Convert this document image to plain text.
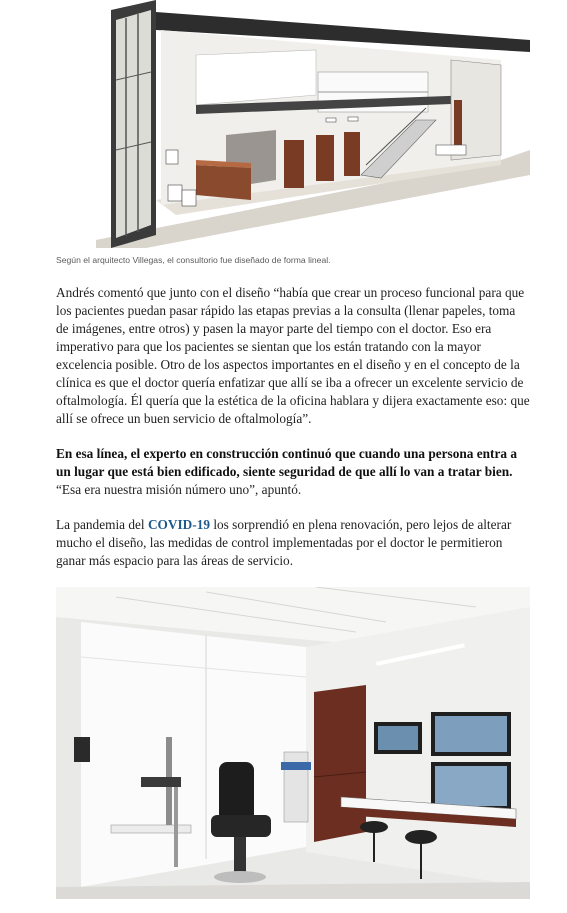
Según el arquitecto Villegas, el consultorio fue diseñado de forma lineal.

Andrés comentó que junto con el diseño “había que crear un proceso funcional para que los pacientes puedan pasar rápido las etapas previas a la consulta (llenar papeles, toma de imágenes, entre otros) y pasen la mayor parte del tiempo con el doctor. Eso era imperativo para que los pacientes se sientan que los están tratando con la mayor excelencia posible. Otro de los aspectos importantes en el diseño y en el concepto de la clínica es que el doctor quería enfatizar que allí se iba a ofrecer un excelente servicio de oftalmología. Él quería que la estética de la oficina hablara y dijera exactamente eso: que allí se ofrece un buen servicio de oftalmología”.

En esa línea, el experto en construcción continuó que cuando una persona entra a un lugar que está bien edificado, siente seguridad de que allí lo van a tratar bien. “Esa era nuestra misión número uno”, apuntó.

La pandemia del COVID-19 los sorprendió en plena renovación, pero lejos de alterar mucho el diseño, las medidas de control implementadas por el doctor le permitieron ganar más espacio para las áreas de servicio.
